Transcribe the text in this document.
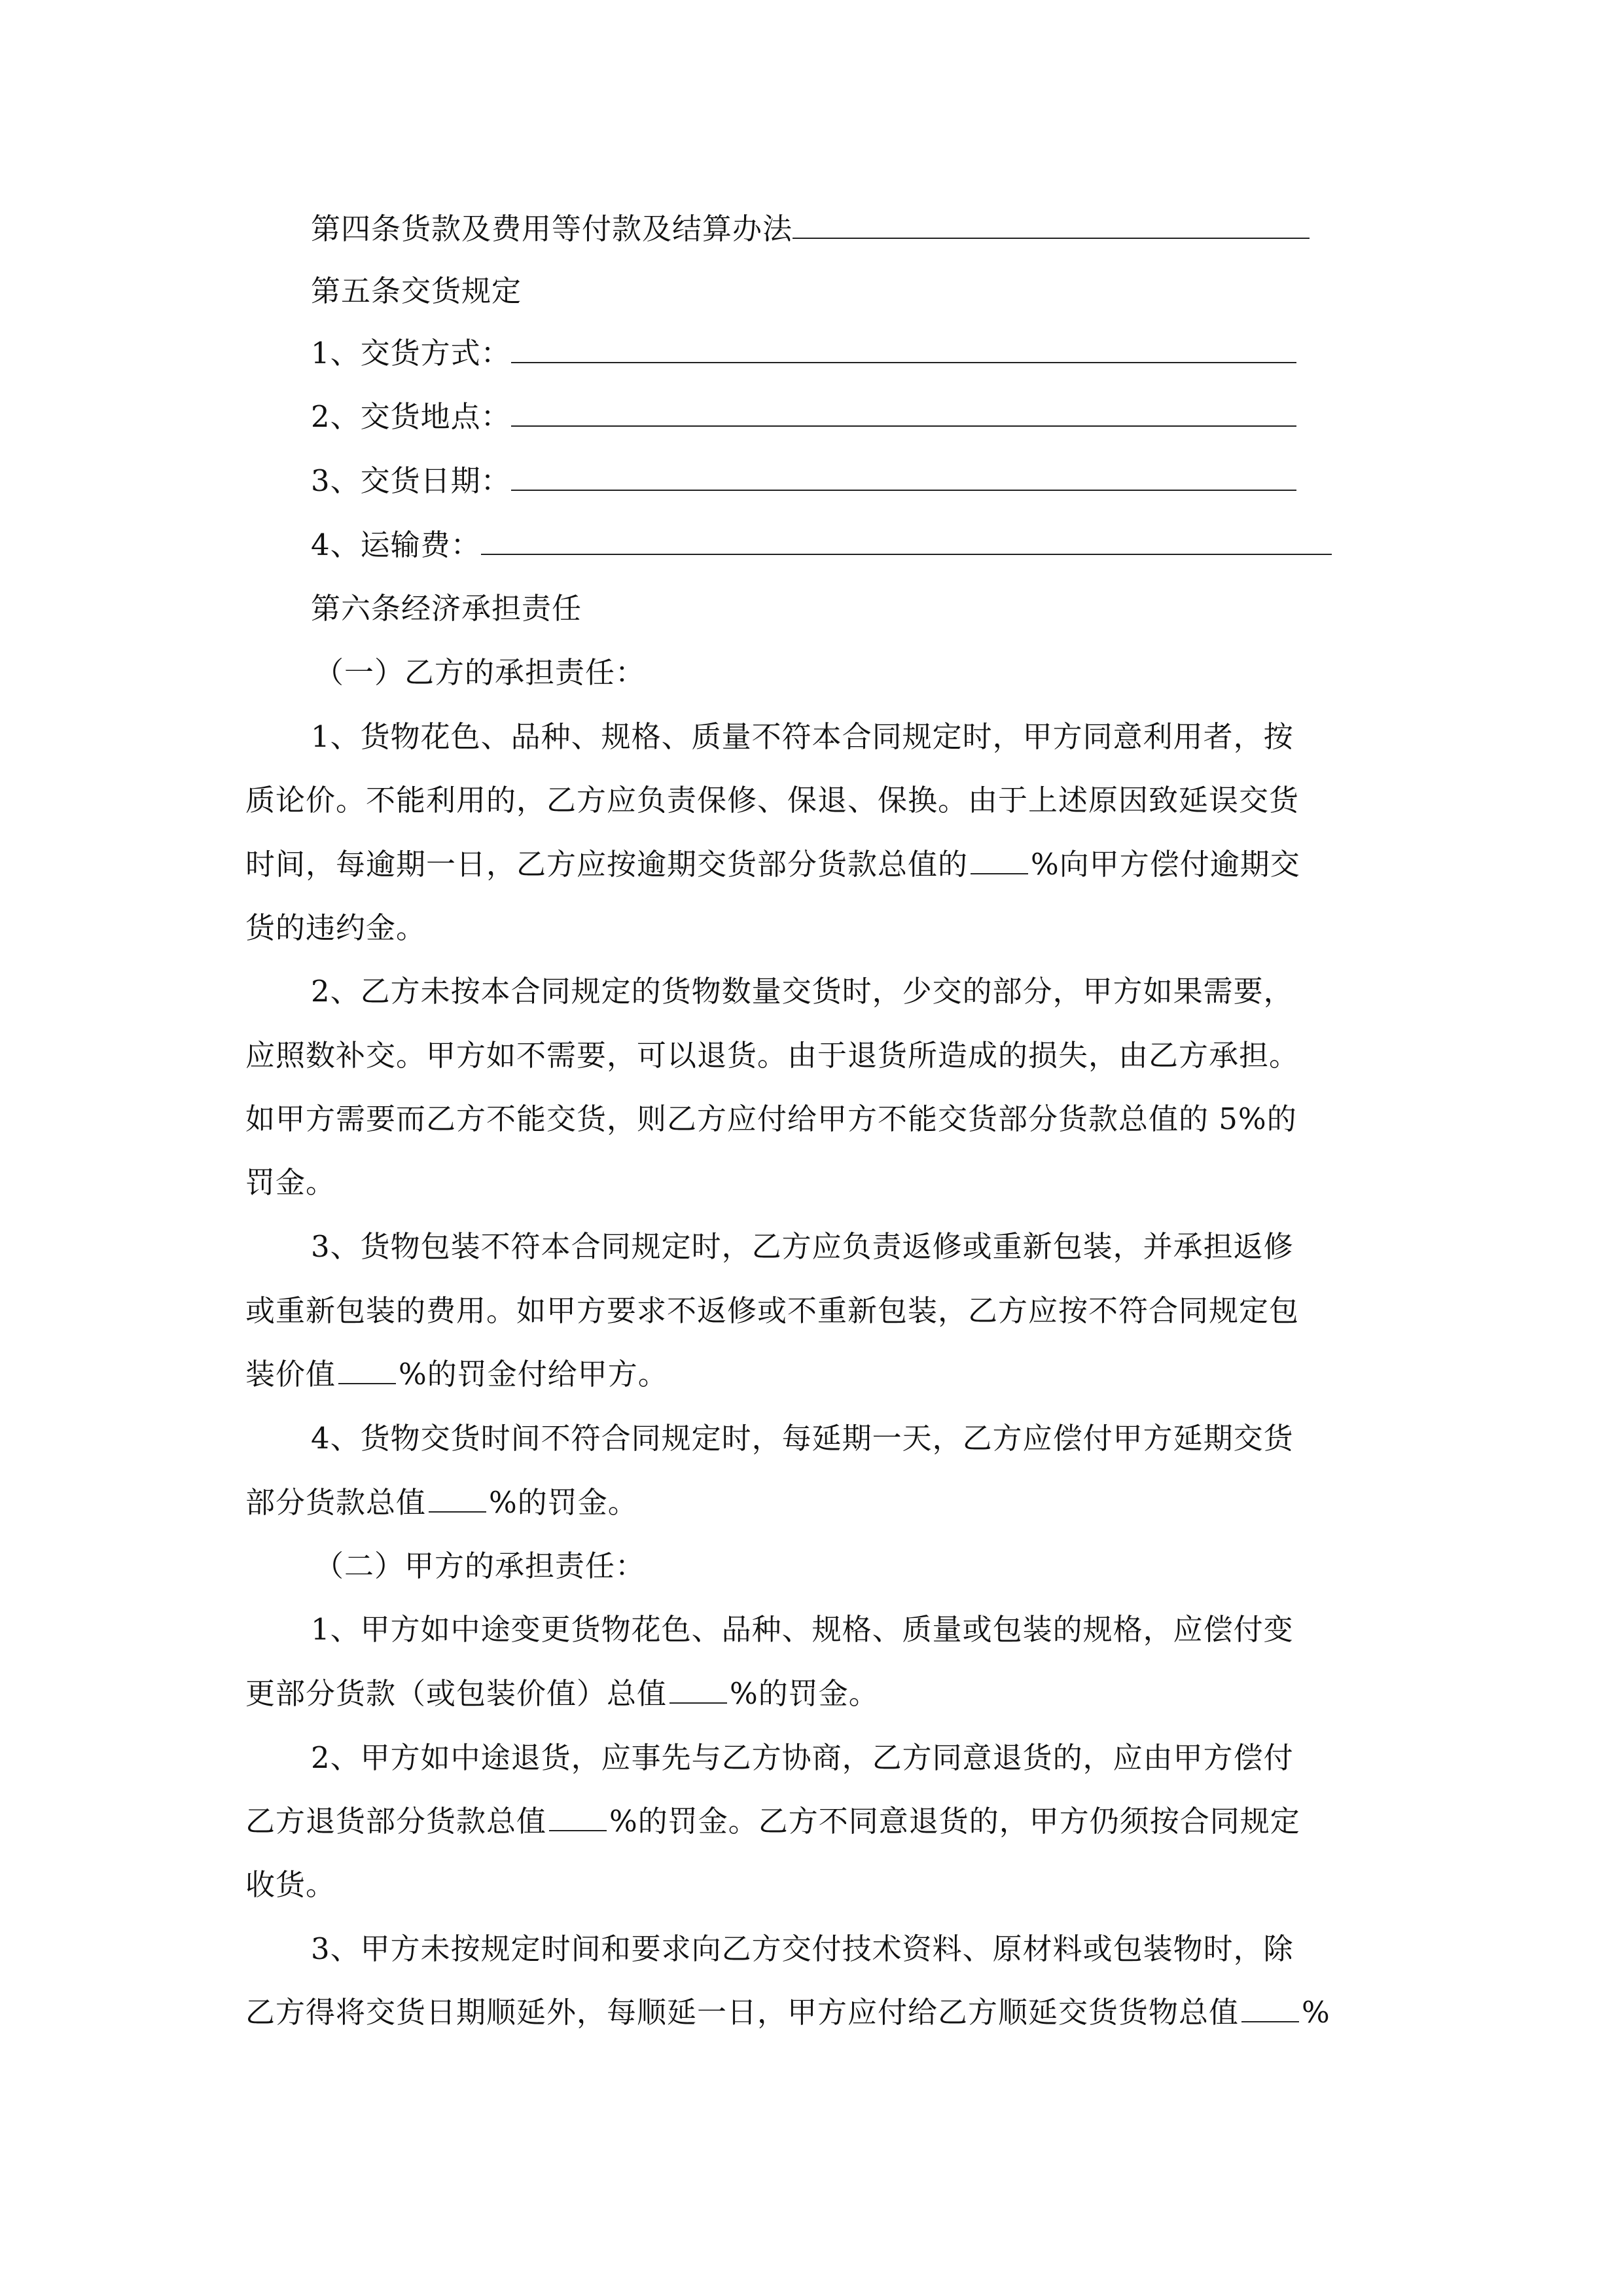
第四条货款及费用等付款及结算办法
第五条交货规定
1、交货方式：
2、交货地点：
3、交货日期：
4、运输费：
第六条经济承担责任
（一）乙方的承担责任：
1、货物花色、品种、规格、质量不符本合同规定时，甲方同意利用者，按
质论价。不能利用的，乙方应负责保修、保退、保换。由于上述原因致延误交货
时间，每逾期一日，乙方应按逾期交货部分货款总值的 %向甲方偿付逾期交
货的违约金。
2、乙方未按本合同规定的货物数量交货时，少交的部分，甲方如果需要，
应照数补交。甲方如不需要，可以退货。由于退货所造成的损失，由乙方承担。
如甲方需要而乙方不能交货，则乙方应付给甲方不能交货部分货款总值的 5%的
罚金。
3、货物包装不符本合同规定时，乙方应负责返修或重新包装，并承担返修
或重新包装的费用。如甲方要求不返修或不重新包装，乙方应按不符合同规定包
装价值 %的罚金付给甲方。
4、货物交货时间不符合同规定时，每延期一天，乙方应偿付甲方延期交货
部分货款总值 %的罚金。
（二）甲方的承担责任：
1、甲方如中途变更货物花色、品种、规格、质量或包装的规格，应偿付变
更部分货款（或包装价值）总值 %的罚金。
2、甲方如中途退货，应事先与乙方协商，乙方同意退货的，应由甲方偿付
乙方退货部分货款总值 %的罚金。乙方不同意退货的，甲方仍须按合同规定
收货。
3、甲方未按规定时间和要求向乙方交付技术资料、原材料或包装物时，除
乙方得将交货日期顺延外，每顺延一日，甲方应付给乙方顺延交货货物总值 %
